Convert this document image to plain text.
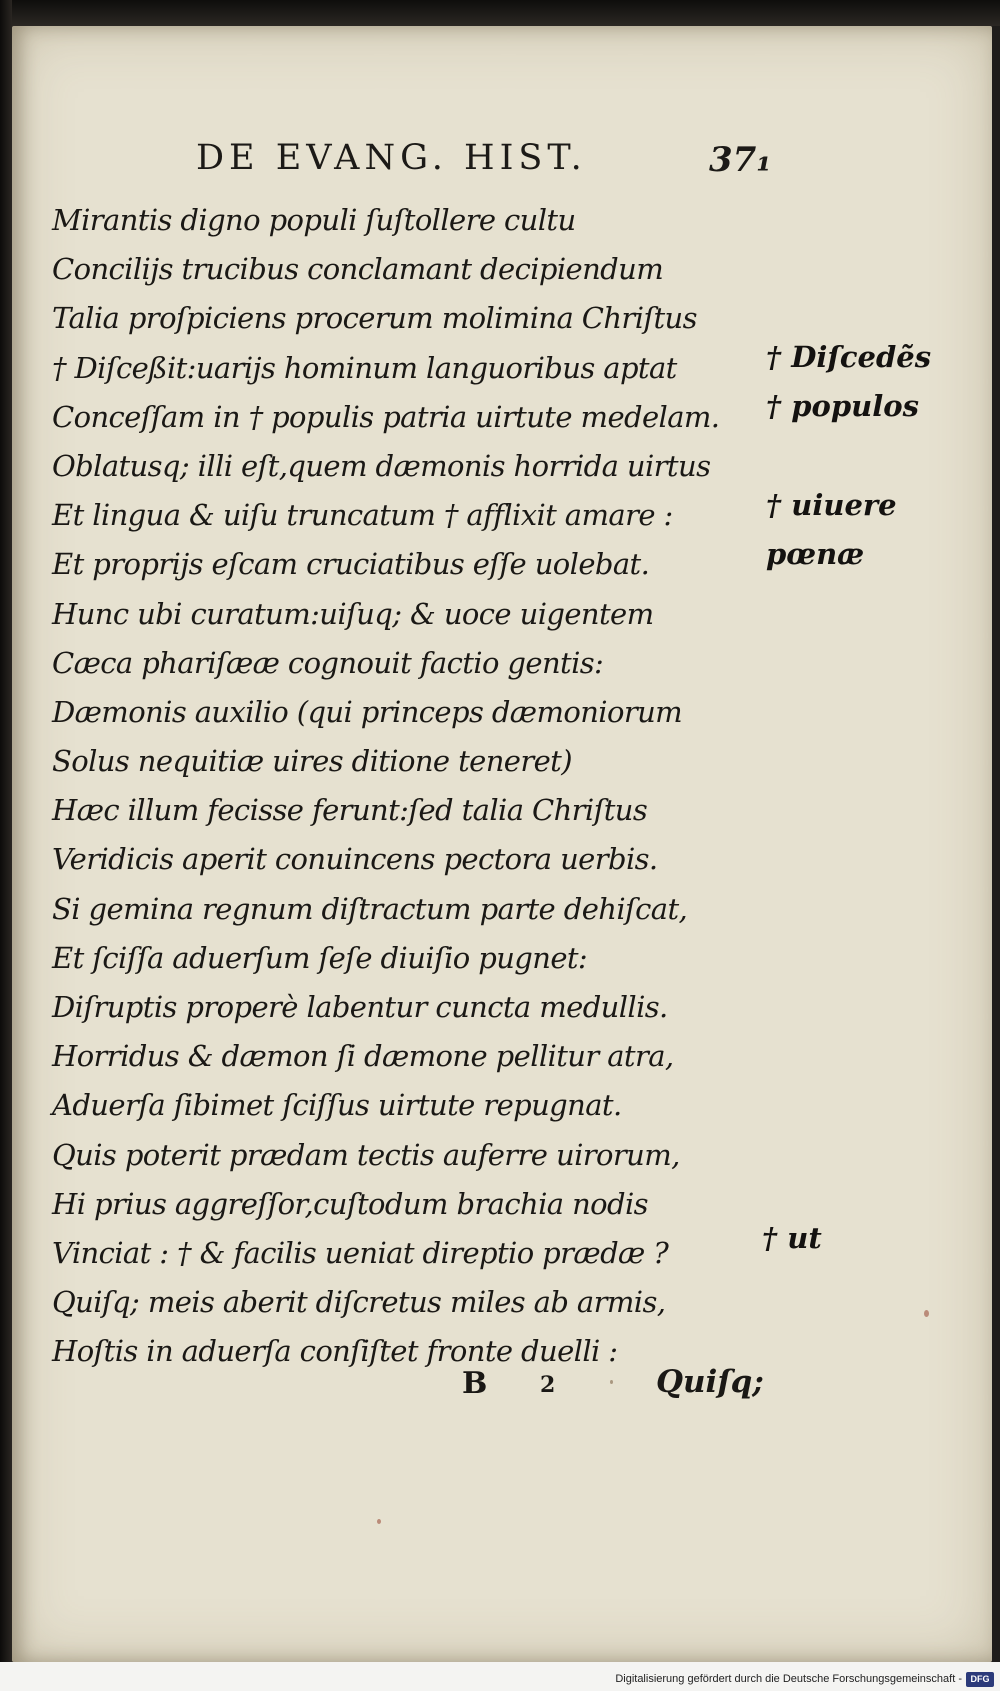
DE EVANG. HIST.	37₁
Mirantis digno populi ſuſtollere cultu
Concilijs trucibus conclamant decipiendum
Talia proſpiciens procerum molimina Chriſtus
† Diſceßit:uarijs hominum languoribus aptat
Conceſſam in † populis patria uirtute medelam.
Oblatusq; illi eſt,quem dæmonis horrida uirtus
Et lingua & uiſu truncatum † afflixit amare :
Et proprijs eſcam cruciatibus eſſe uolebat.
Hunc ubi curatum:uiſuq; & uoce uigentem
Cæca phariſææ cognouit factio gentis:
Dæmonis auxilio (qui princeps dæmoniorum
Solus nequitiæ uires ditione teneret)
Hæc illum fecisse ferunt:ſed talia Chriſtus
Veridicis aperit conuincens pectora uerbis.
Si gemina regnum diſtractum parte dehiſcat,
Et ſciſſa aduerſum ſeſe diuiſio pugnet:
Diſruptis properè labentur cuncta medullis.
Horridus & dæmon ſi dæmone pellitur atra,
Aduerſa ſibimet ſciſſus uirtute repugnat.
Quis poterit prædam tectis auferre uirorum,
Hi prius aggreſſor,cuſtodum brachia nodis
Vinciat : † & facilis ueniat direptio prædæ ?
Quiſq; meis aberit diſcretus miles ab armis,
Hoſtis in aduerſa conſiſtet fronte duelli :
† Diſcedẽs
† populos
† uiuere
pœnæ
† ut
B 2	Quiſq;
Digitalisierung gefördert durch die Deutsche Forschungsgemeinschaft - DFG
